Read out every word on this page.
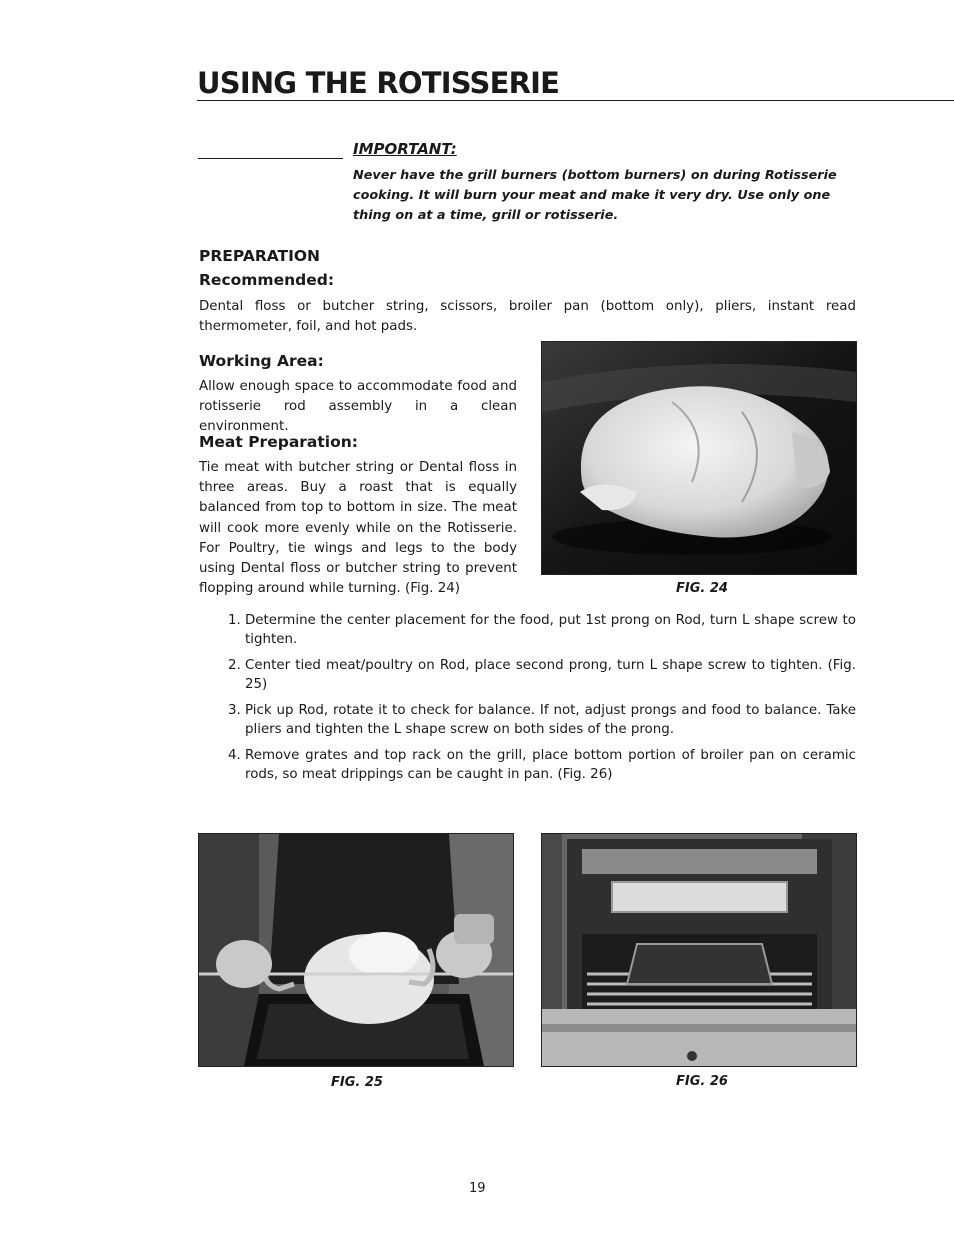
USING THE ROTISSERIE
IMPORTANT:
Never have the grill burners (bottom burners) on during Rotisserie cooking. It will burn your meat and make it very dry. Use only one thing on at a time, grill or rotisserie.
PREPARATION
Recommended:
Dental floss or butcher string, scissors, broiler pan (bottom only), pliers, instant read thermometer, foil, and hot pads.
Working Area:
Allow enough space to accommodate food and rotisserie rod assembly in a clean environment.
Meat Preparation:
Tie meat with butcher string or Dental floss in three areas. Buy a roast that is equally balanced from top to bottom in size. The meat will cook more evenly while on the Rotisserie. For Poultry, tie wings and legs to the body using Dental floss or butcher string to prevent flopping around while turning. (Fig. 24)	FIG. 24
1. Determine the center placement for the food, put 1st prong on Rod, turn L shape screw to tighten.
2. Center tied meat/poultry on Rod, place second prong, turn L shape screw to tighten. (Fig. 25)
3. Pick up Rod, rotate it to check for balance. If not, adjust prongs and food to balance. Take pliers and tighten the L shape screw on both sides of the prong.
4. Remove grates and top rack on the grill, place bottom portion of broiler pan on ceramic rods, so meat drippings can be caught in pan. (Fig. 26)
FIG. 25	FIG. 26
19
